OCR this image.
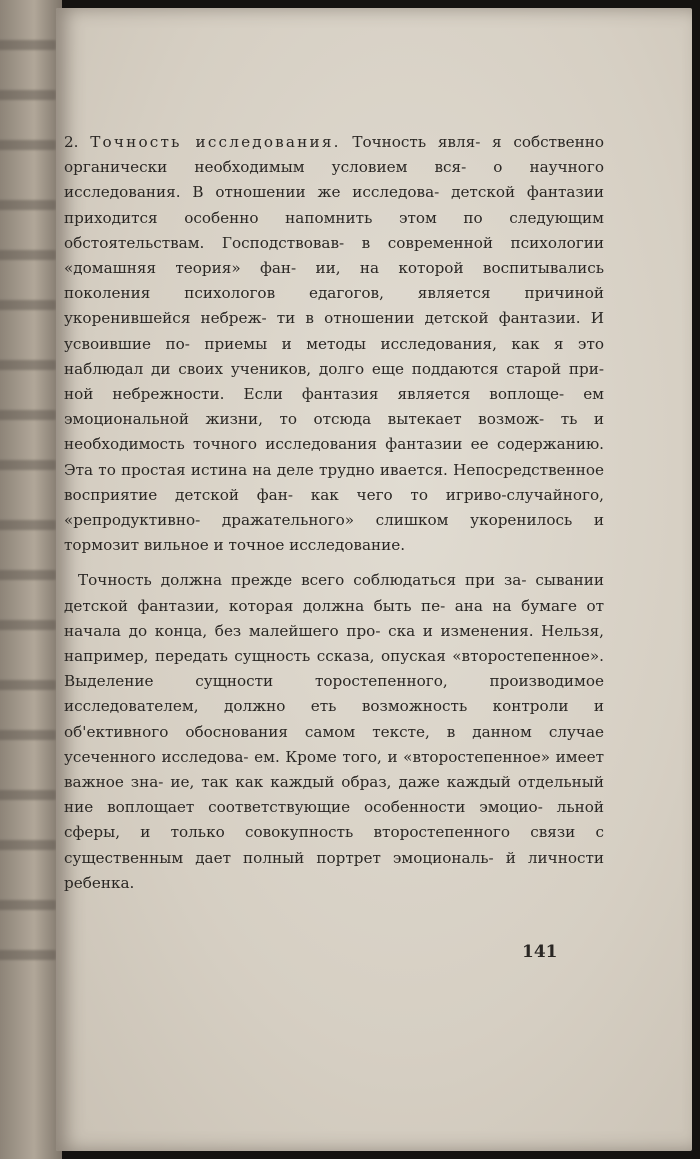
2. Точность исследования. Точность явля- я собственно органически необходимым условием вся- о научного исследования. В отношении же исследова- детской фантазии приходится особенно напомнить этом по следующим обстоятельствам. Господствовав- в современной психологии «домашняя теория» фан- ии, на которой воспитывались поколения психологов едагогов, является причиной укоренившейся небреж- ти в отношении детской фантазии. И усвоившие по- приемы и методы исследования, как я это наблюдал ди своих учеников, долго еще поддаются старой при- ной небрежности. Если фантазия является воплоще- ем эмоциональной жизни, то отсюда вытекает возмож- ть и необходимость точного исследования фантазии ее содержанию. Эта то простая истина на деле трудно ивается. Непосредственное восприятие детской фан- как чего то игриво-случайного, «репродуктивно- дражательного» слишком укоренилось и тормозит вильное и точное исследование.

Точность должна прежде всего соблюдаться при за- сывании детской фантазии, которая должна быть пе- ана на бумаге от начала до конца, без малейшего про- ска и изменения. Нельзя, например, передать сущность ссказа, опуская «второстепенное». Выделение сущности торостепенного, производимое исследователем, должно еть возможность контроли и об'ективного обоснования самом тексте, в данном случае усеченного исследова- ем. Кроме того, и «второстепенное» имеет важное зна- ие, так как каждый образ, даже каждый отдельный ние воплощает соответствующие особенности эмоцио- льной сферы, и только совокупность второстепенного связи с существенным дает полный портрет эмоциональ- й личности ребенка.

141
